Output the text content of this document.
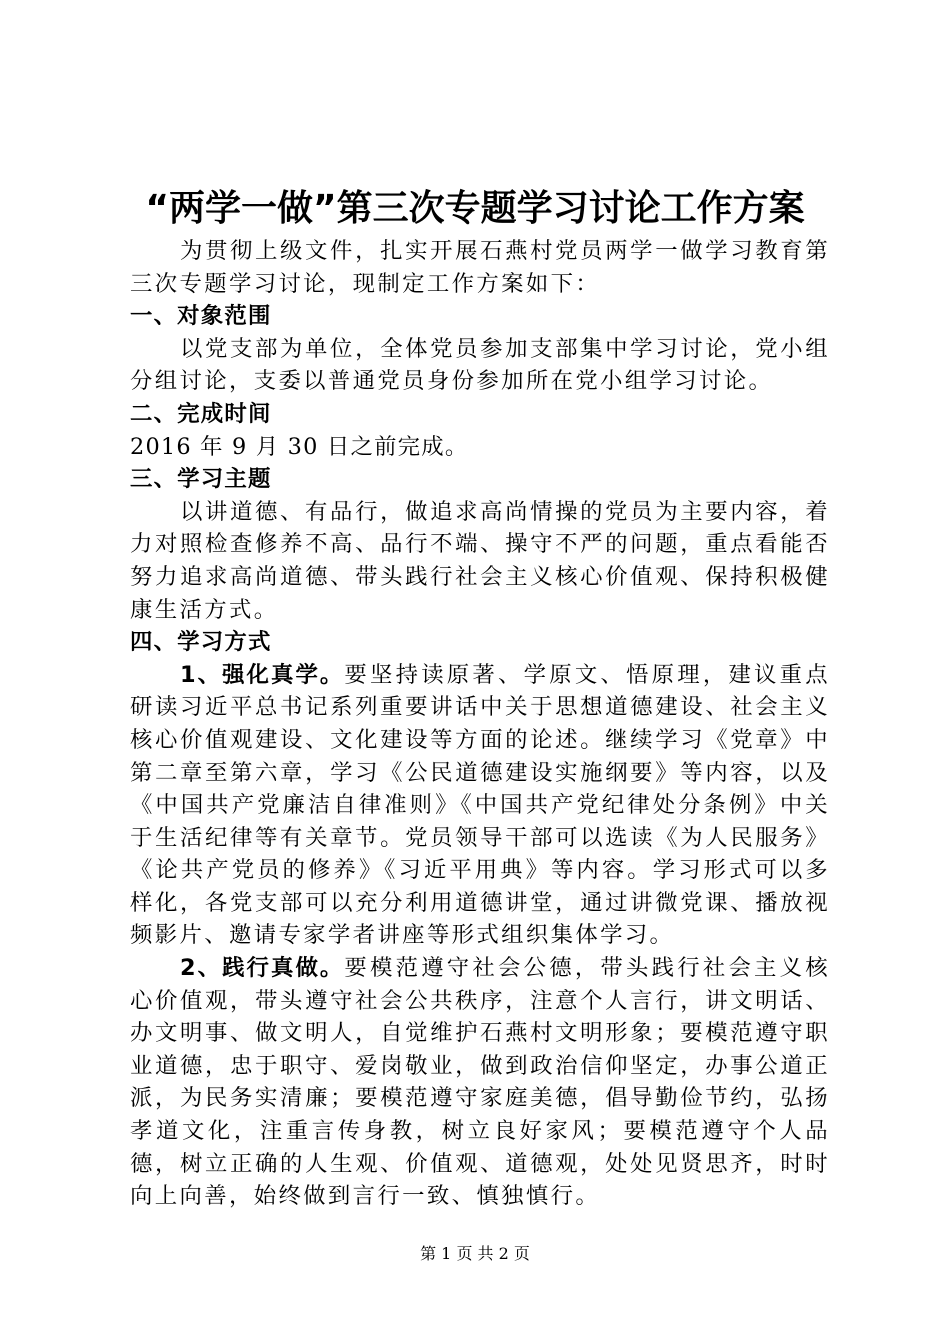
“两学一做”第三次专题学习讨论工作方案

为贯彻上级文件，扎实开展石燕村党员两学一做学习教育第三次专题学习讨论，现制定工作方案如下：

一、对象范围

以党支部为单位，全体党员参加支部集中学习讨论，党小组分组讨论，支委以普通党员身份参加所在党小组学习讨论。

二、完成时间

2016 年 9 月 30 日之前完成。

三、学习主题

以讲道德、有品行，做追求高尚情操的党员为主要内容，着力对照检查修养不高、品行不端、操守不严的问题，重点看能否努力追求高尚道德、带头践行社会主义核心价值观、保持积极健康生活方式。

四、学习方式

1、强化真学。要坚持读原著、学原文、悟原理，建议重点研读习近平总书记系列重要讲话中关于思想道德建设、社会主义核心价值观建设、文化建设等方面的论述。继续学习《党章》中第二章至第六章，学习《公民道德建设实施纲要》等内容，以及《中国共产党廉洁自律准则》《中国共产党纪律处分条例》中关于生活纪律等有关章节。党员领导干部可以选读《为人民服务》《论共产党员的修养》《习近平用典》等内容。学习形式可以多样化，各党支部可以充分利用道德讲堂，通过讲微党课、播放视频影片、邀请专家学者讲座等形式组织集体学习。

2、践行真做。要模范遵守社会公德，带头践行社会主义核心价值观，带头遵守社会公共秩序，注意个人言行，讲文明话、办文明事、做文明人，自觉维护石燕村文明形象；要模范遵守职业道德，忠于职守、爱岗敬业，做到政治信仰坚定，办事公道正派，为民务实清廉；要模范遵守家庭美德，倡导勤俭节约，弘扬孝道文化，注重言传身教，树立良好家风；要模范遵守个人品德，树立正确的人生观、价值观、道德观，处处见贤思齐，时时向上向善，始终做到言行一致、慎独慎行。

第 1 页 共 2 页
